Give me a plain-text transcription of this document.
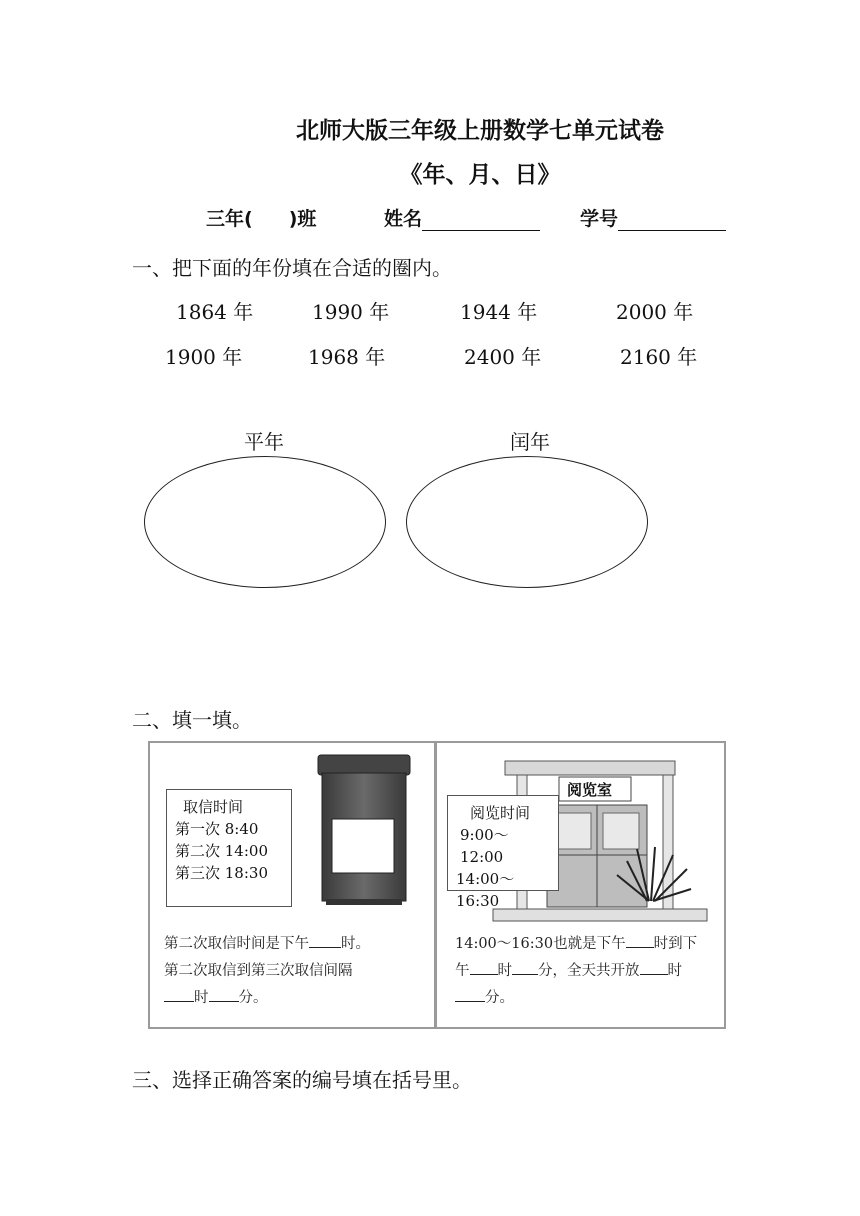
北师大版三年级上册数学七单元试卷
《年、月、日》
三年( )班	姓名	学号
一、把下面的年份填在合适的圈内。
1864 年	1990 年	1944 年	2000 年
1900 年	1968 年	2400 年	2160 年
平年	闰年
二、填一填。
取信时间
第一次 8:40
第二次 14:00
第三次 18:30
第二次取信时间是下午 时。
第二次取信到第三次取信间隔
时 分。
阅览室
阅览时间
9:00～12:00
14:00～16:30
14:00～16:30也就是下午 时到下
午 时 分，全天共开放 时
分。
三、选择正确答案的编号填在括号里。
